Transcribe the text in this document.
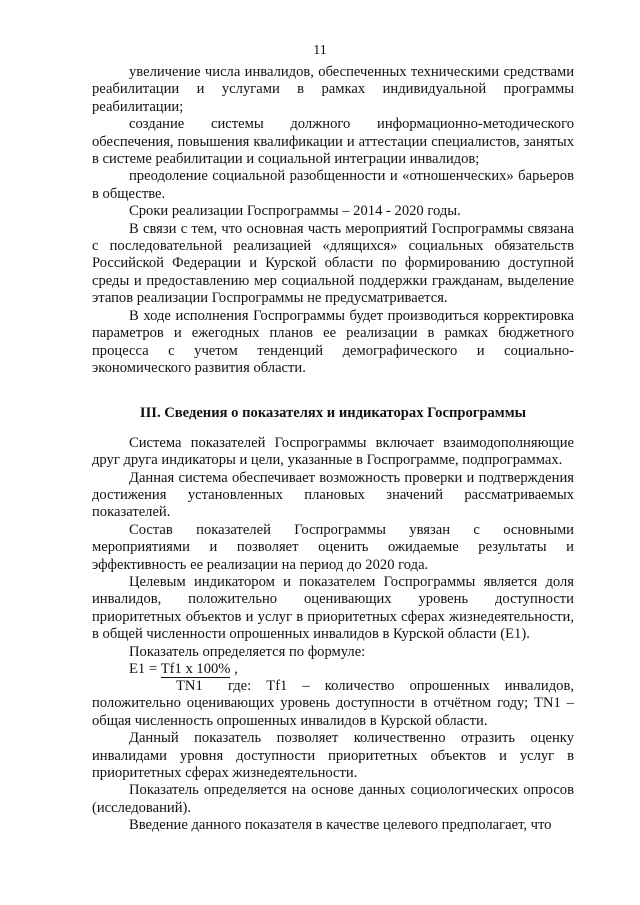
11

увеличение числа инвалидов, обеспеченных техническими средствами реабилитации и услугами в рамках индивидуальной программы реабилитации;

создание системы должного информационно-методического обеспечения, повышения квалификации и аттестации специалистов, занятых в системе реабилитации и социальной интеграции инвалидов;

преодоление социальной разобщенности и «отношенческих» барьеров в обществе.

Сроки реализации Госпрограммы – 2014 - 2020 годы.

В связи с тем, что основная часть мероприятий Госпрограммы связана с последовательной реализацией «длящихся» социальных обязательств Российской Федерации и Курской области по формированию доступной среды и предоставлению мер социальной поддержки гражданам, выделение этапов реализации Госпрограммы не предусматривается.

В ходе исполнения Госпрограммы будет производиться корректировка параметров и ежегодных планов ее реализации в рамках бюджетного процесса с учетом тенденций демографического и социально-экономического развития области.

III. Сведения о показателях и индикаторах Госпрограммы

Система показателей Госпрограммы включает взаимодополняющие друг друга индикаторы и цели, указанные в Госпрограмме, подпрограммах.

Данная система обеспечивает возможность проверки и подтверждения достижения установленных плановых значений рассматриваемых показателей.

Состав показателей Госпрограммы увязан с основными мероприятиями и позволяет оценить ожидаемые результаты и эффективность ее реализации на период до 2020 года.

Целевым индикатором и показателем Госпрограммы является доля инвалидов, положительно оценивающих уровень доступности приоритетных объектов и услуг в приоритетных сферах жизнедеятельности, в общей численности опрошенных инвалидов в Курской области (Е1).

Показатель определяется по формуле:

Е1 = Tf1 х 100% ,
TN1	где: Tf1 – количество опрошенных инвалидов,

положительно оценивающих уровень доступности в отчётном году; TN1 – общая численность опрошенных инвалидов в Курской области.

Данный показатель позволяет количественно отразить оценку инвалидами уровня доступности приоритетных объектов и услуг в приоритетных сферах жизнедеятельности.

Показатель определяется на основе данных социологических опросов (исследований).

Введение данного показателя в качестве целевого предполагает, что
